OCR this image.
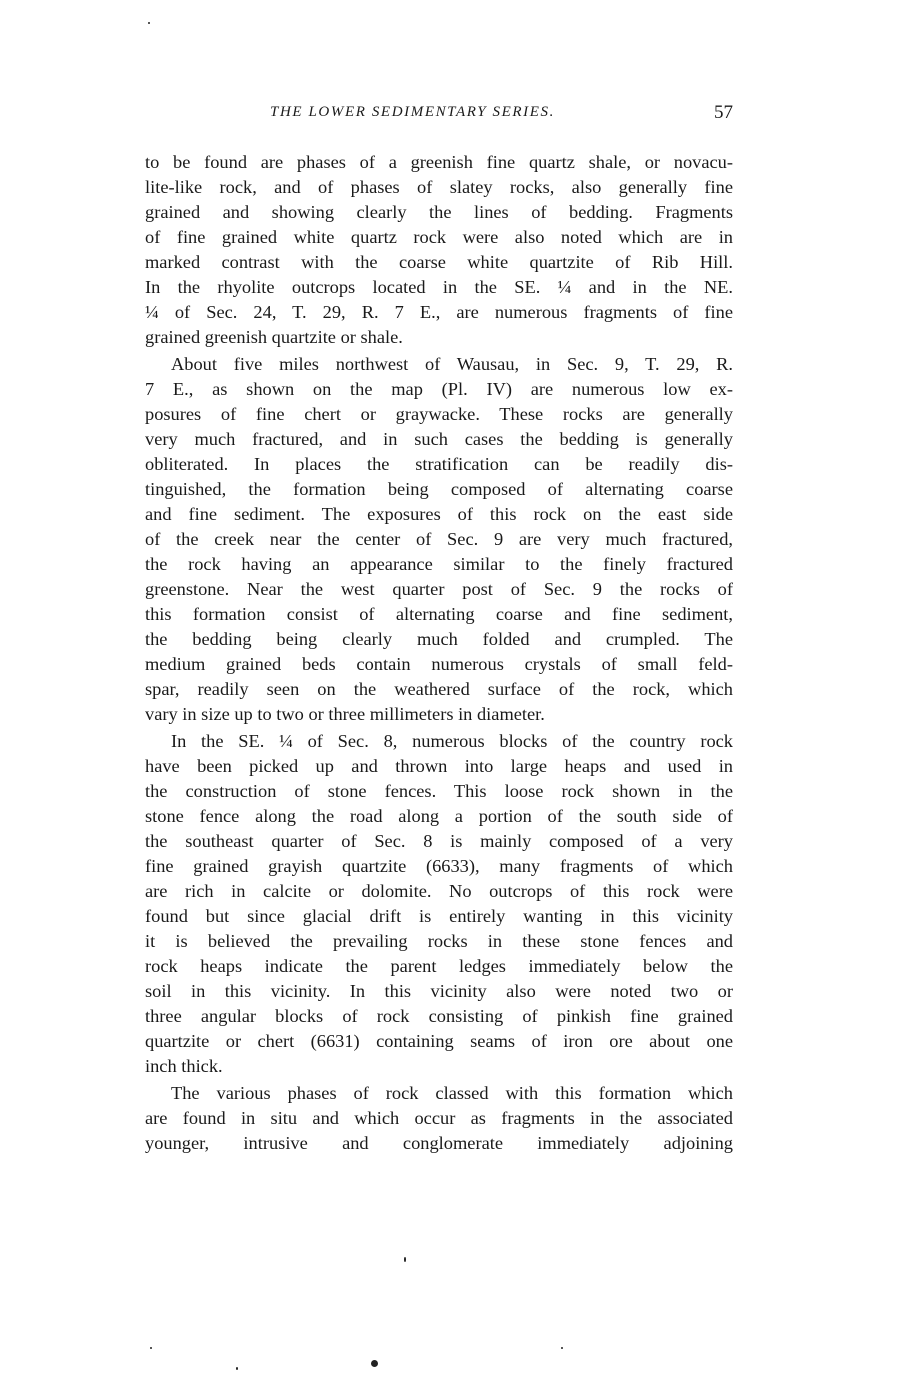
THE LOWER SEDIMENTARY SERIES.	57
to be found are phases of a greenish fine quartz shale, or novacu-
lite-like rock, and of phases of slatey rocks, also generally fine
grained and showing clearly the lines of bedding. Fragments
of fine grained white quartz rock were also noted which are in
marked contrast with the coarse white quartzite of Rib Hill.
In the rhyolite outcrops located in the SE. ¼ and in the NE.
¼ of Sec. 24, T. 29, R. 7 E., are numerous fragments of fine
grained greenish quartzite or shale.
About five miles northwest of Wausau, in Sec. 9, T. 29, R.
7 E., as shown on the map (Pl. IV) are numerous low ex-
posures of fine chert or graywacke. These rocks are generally
very much fractured, and in such cases the bedding is generally
obliterated. In places the stratification can be readily dis-
tinguished, the formation being composed of alternating coarse
and fine sediment. The exposures of this rock on the east side
of the creek near the center of Sec. 9 are very much fractured,
the rock having an appearance similar to the finely fractured
greenstone. Near the west quarter post of Sec. 9 the rocks of
this formation consist of alternating coarse and fine sediment,
the bedding being clearly much folded and crumpled. The
medium grained beds contain numerous crystals of small feld-
spar, readily seen on the weathered surface of the rock, which
vary in size up to two or three millimeters in diameter.
In the SE. ¼ of Sec. 8, numerous blocks of the country rock
have been picked up and thrown into large heaps and used in
the construction of stone fences. This loose rock shown in the
stone fence along the road along a portion of the south side of
the southeast quarter of Sec. 8 is mainly composed of a very
fine grained grayish quartzite (6633), many fragments of which
are rich in calcite or dolomite. No outcrops of this rock were
found but since glacial drift is entirely wanting in this vicinity
it is believed the prevailing rocks in these stone fences and
rock heaps indicate the parent ledges immediately below the
soil in this vicinity. In this vicinity also were noted two or
three angular blocks of rock consisting of pinkish fine grained
quartzite or chert (6631) containing seams of iron ore about one
inch thick.
The various phases of rock classed with this formation which
are found in situ and which occur as fragments in the associated
younger, intrusive and conglomerate immediately adjoining
